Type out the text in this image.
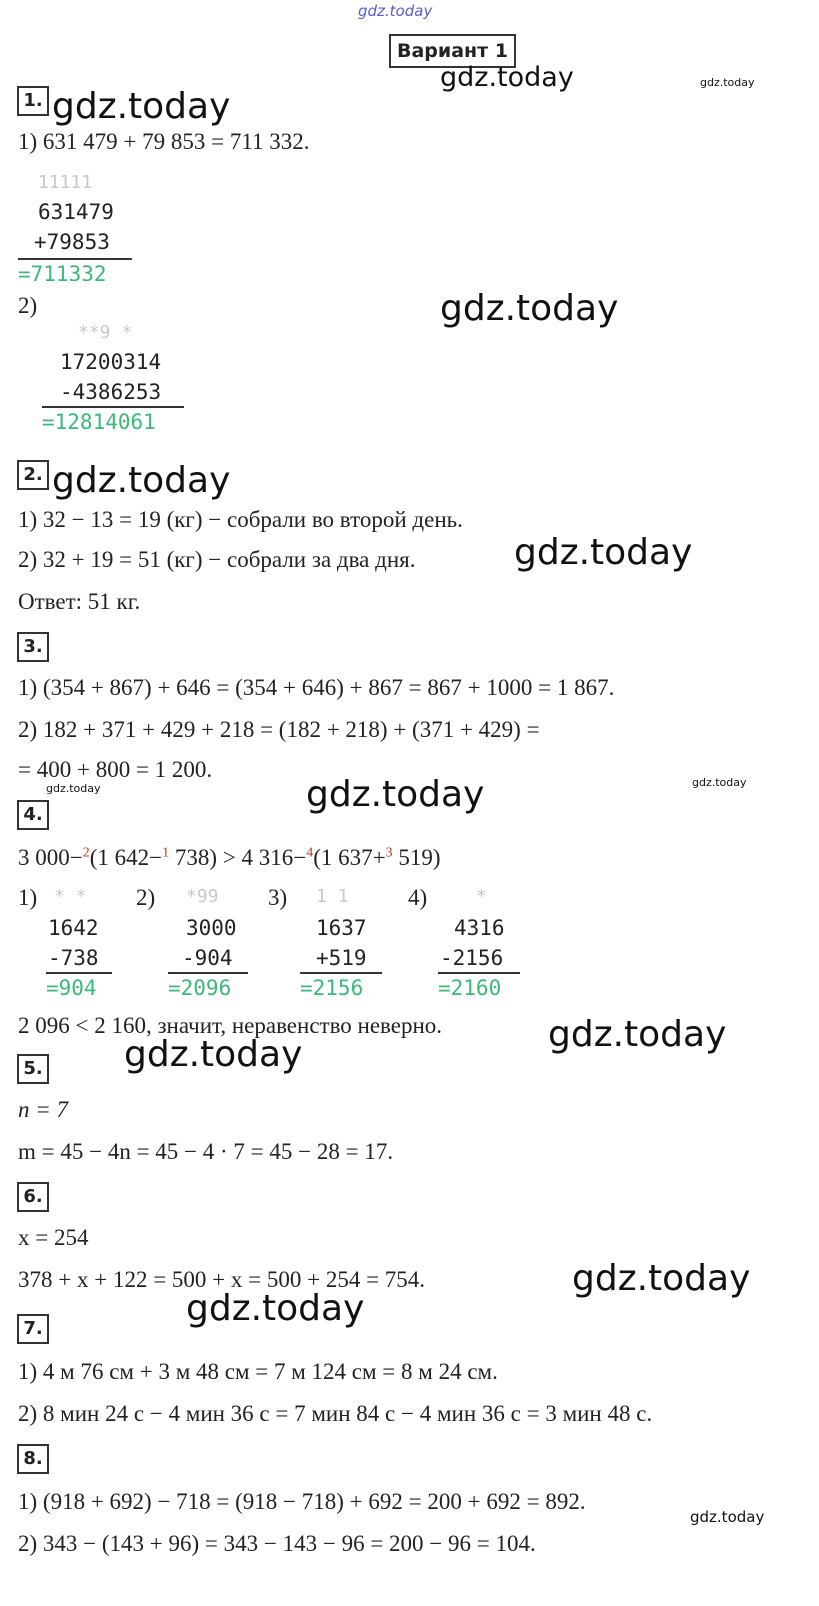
gdz.today
Вариант 1
gdz.today	gdz.today
1. gdz.today
1) 631 479 + 79 853 = 711 332.
11111
631479
+79853
=711332
2)	gdz.today
**9 *
17200314
-4386253
=12814061
2. gdz.today
1) 32 − 13 = 19 (кг) − собрали во второй день.
2) 32 + 19 = 51 (кг) − собрали за два дня.	gdz.today
Ответ: 51 кг.
3.
1) (354 + 867) + 646 = (354 + 646) + 867 = 867 + 1000 = 1 867.
2) 182 + 371 + 429 + 218 = (182 + 218) + (371 + 429) =
= 400 + 800 = 1 200.
gdz.today	gdz.today
gdz.today
4.
3 000−$^2$(1 642−$^1$ 738) > 4 316−$^4$(1 637+$^3$ 519)
1) * *
1642
-738
=904
2) *99
3000
-904
=2096
3) 1 1
1637
+519
=2156
4)	*
4316
-2156
=2160
2 096 < 2 160, значит, неравенство неверно.	gdz.today
5. gdz.today
n = 7
m = 45 − 4n = 45 − 4 · 7 = 45 − 28 = 17.
6.
x = 254
378 + x + 122 = 500 + x = 500 + 254 = 754.	gdz.today
gdz.today
7.
1) 4 м 76 см + 3 м 48 см = 7 м 124 см = 8 м 24 см.
2) 8 мин 24 с − 4 мин 36 с = 7 мин 84 с − 4 мин 36 с = 3 мин 48 с.
8.
1) (918 + 692) − 718 = (918 − 718) + 692 = 200 + 692 = 892.
gdz.today
2) 343 − (143 + 96) = 343 − 143 − 96 = 200 − 96 = 104.
